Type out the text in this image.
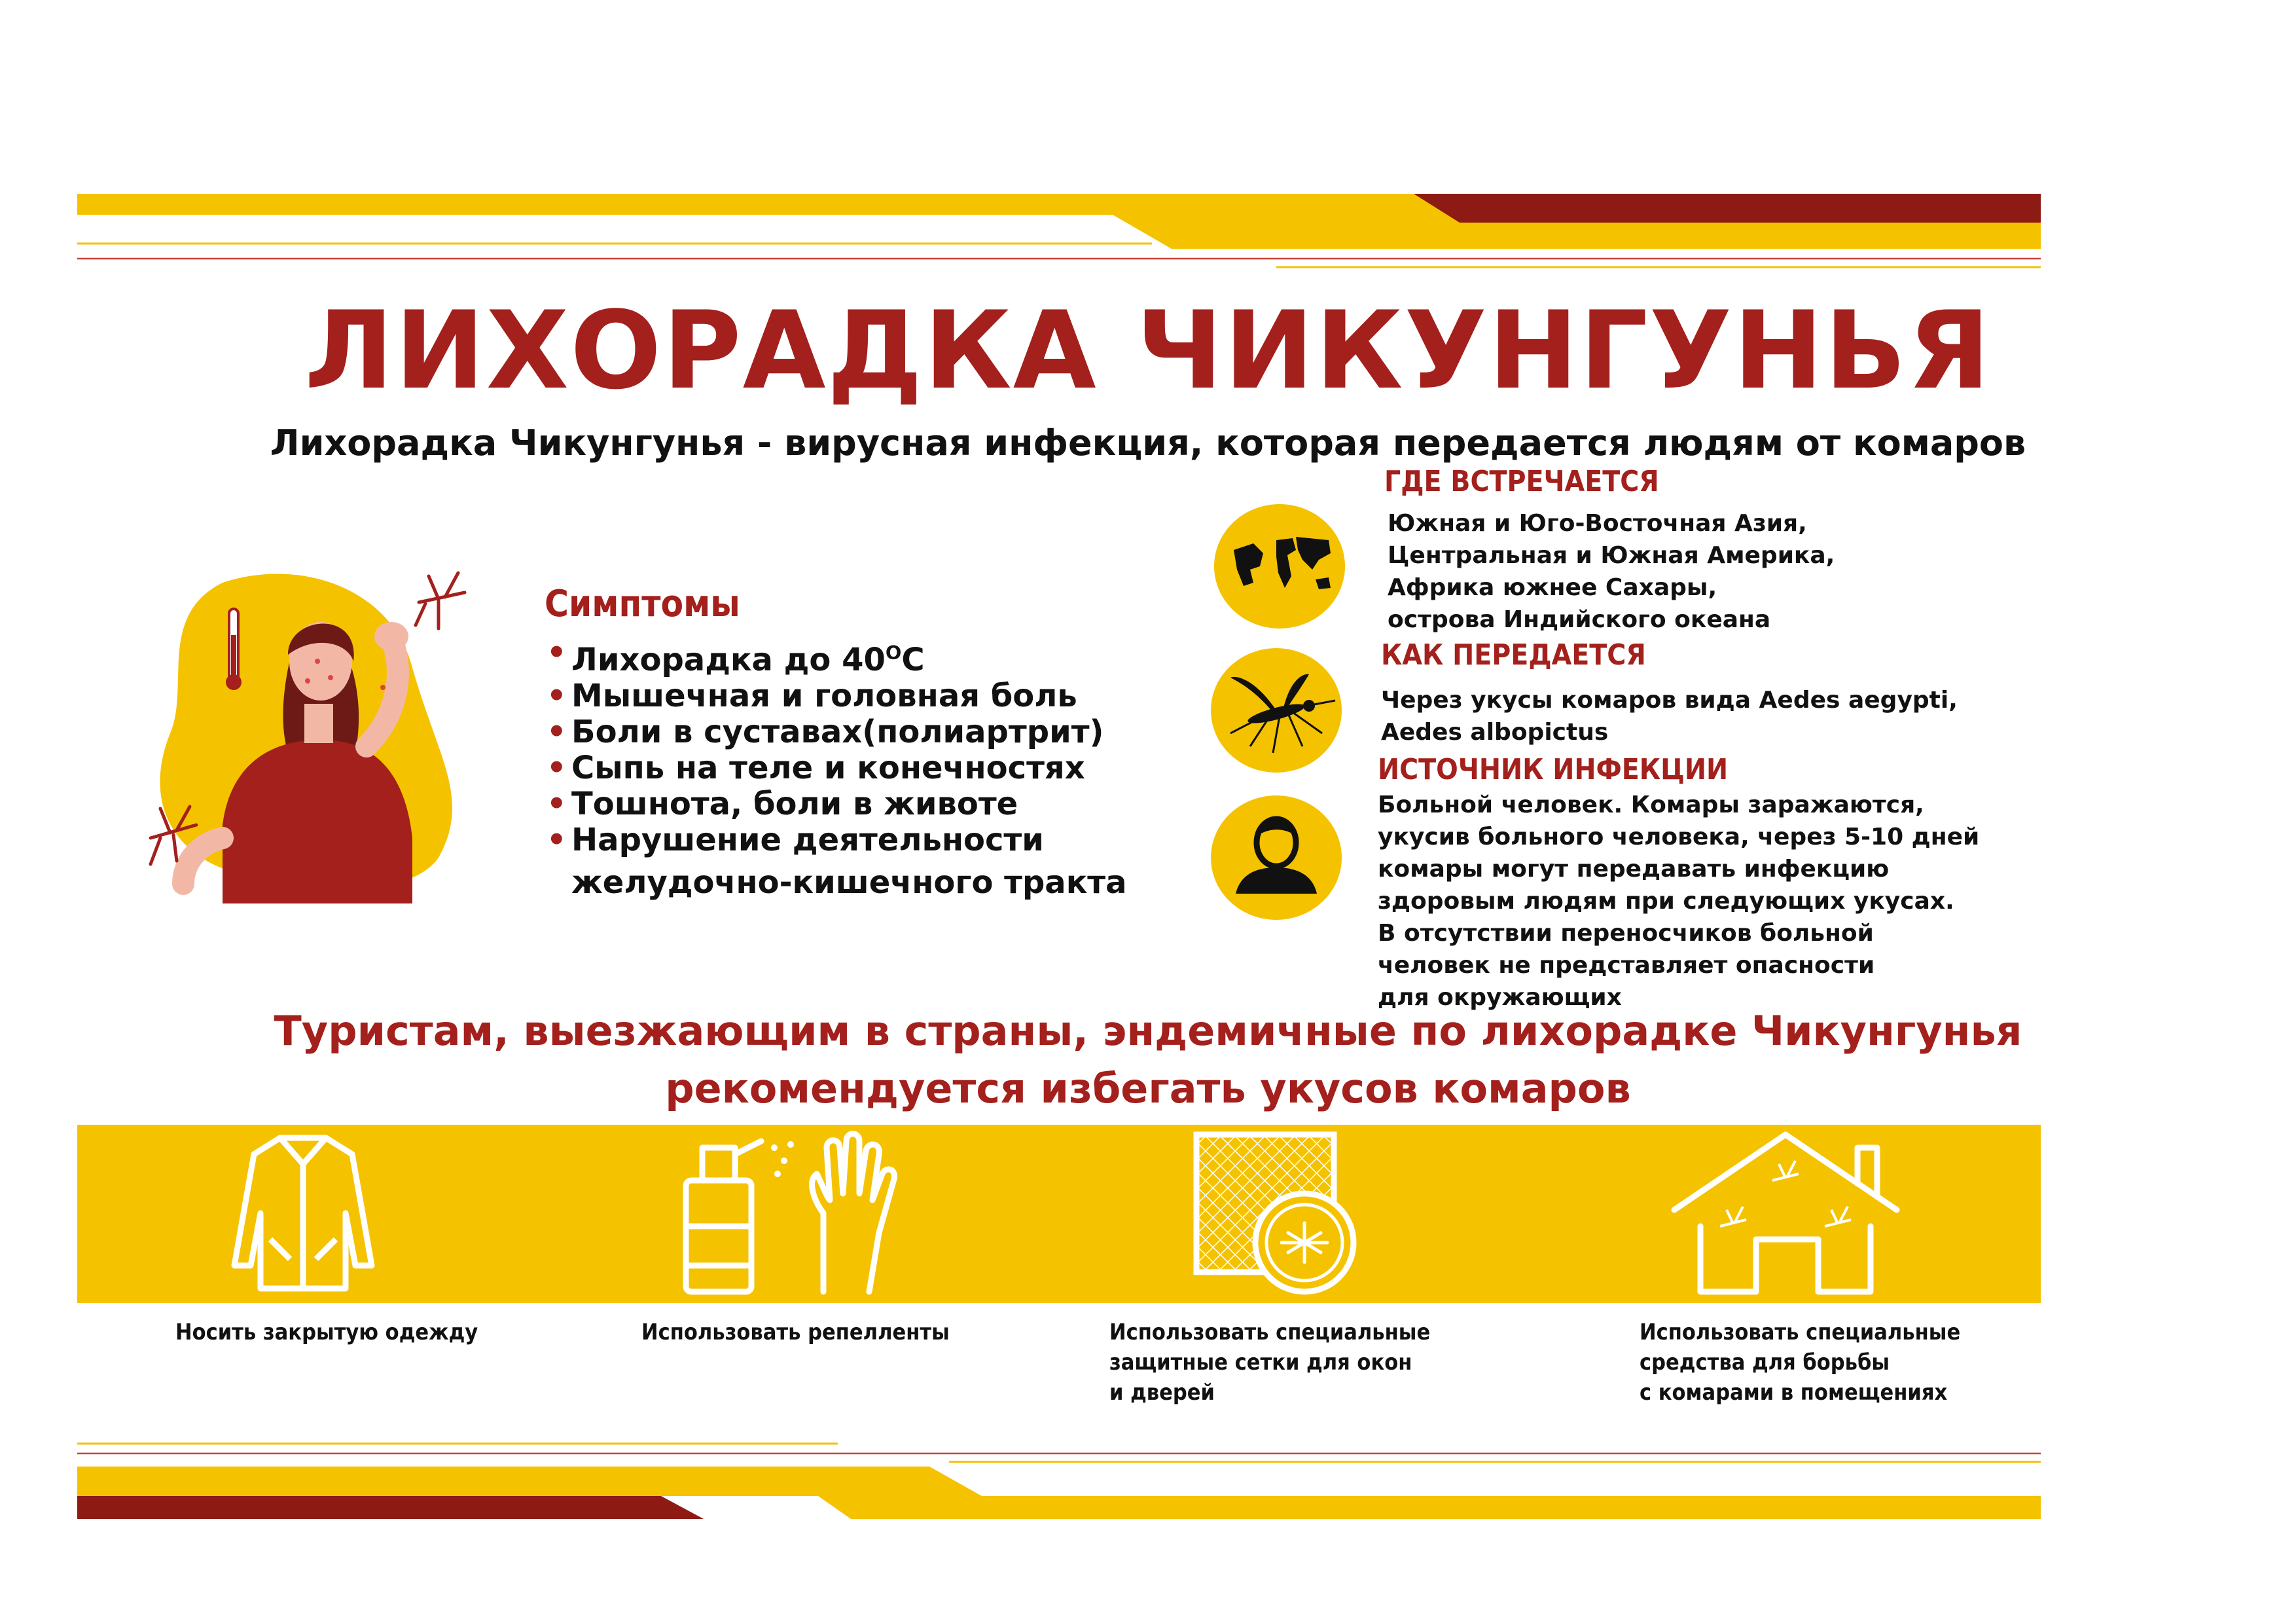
ЛИХОРАДКА ЧИКУНГУНЬЯ
Лихорадка Чикунгунья - вирусная инфекция, которая передается людям от комаров
Симптомы
• Лихорадка до $40^OC$
• Мышечная и головная боль
• Боли в суставах(полиартрит)
• Сыпь на теле и конечностях
• Тошнота, боли в животе
• Нарушение деятельности
желудочно-кишечного тракта
ГДЕ ВСТРЕЧАЕТСЯ
Южная и Юго-Восточная Азия,
Центральная и Южная Америка,
Африка южнее Сахары,
острова Индийского океана
КАК ПЕРЕДАЕТСЯ
Через укусы комаров вида Aedes aegypti,
Aedes albopictus
ИСТОЧНИК ИНФЕКЦИИ
Больной человек. Комары заражаются,
укусив больного человека, через 5-10 дней
комары могут передавать инфекцию
здоровым людям при следующих укусах.
В отсутствии переносчиков больной
человек не представляет опасности
для окружающих
Туристам, выезжающим в страны, эндемичные по лихорадке Чикунгунья
рекомендуется избегать укусов комаров
Носить закрытую одежду	Использовать репелленты	Использовать специальные
защитные сетки для окон
и дверей
Использовать специальные
средства для борьбы
с комарами в помещениях
